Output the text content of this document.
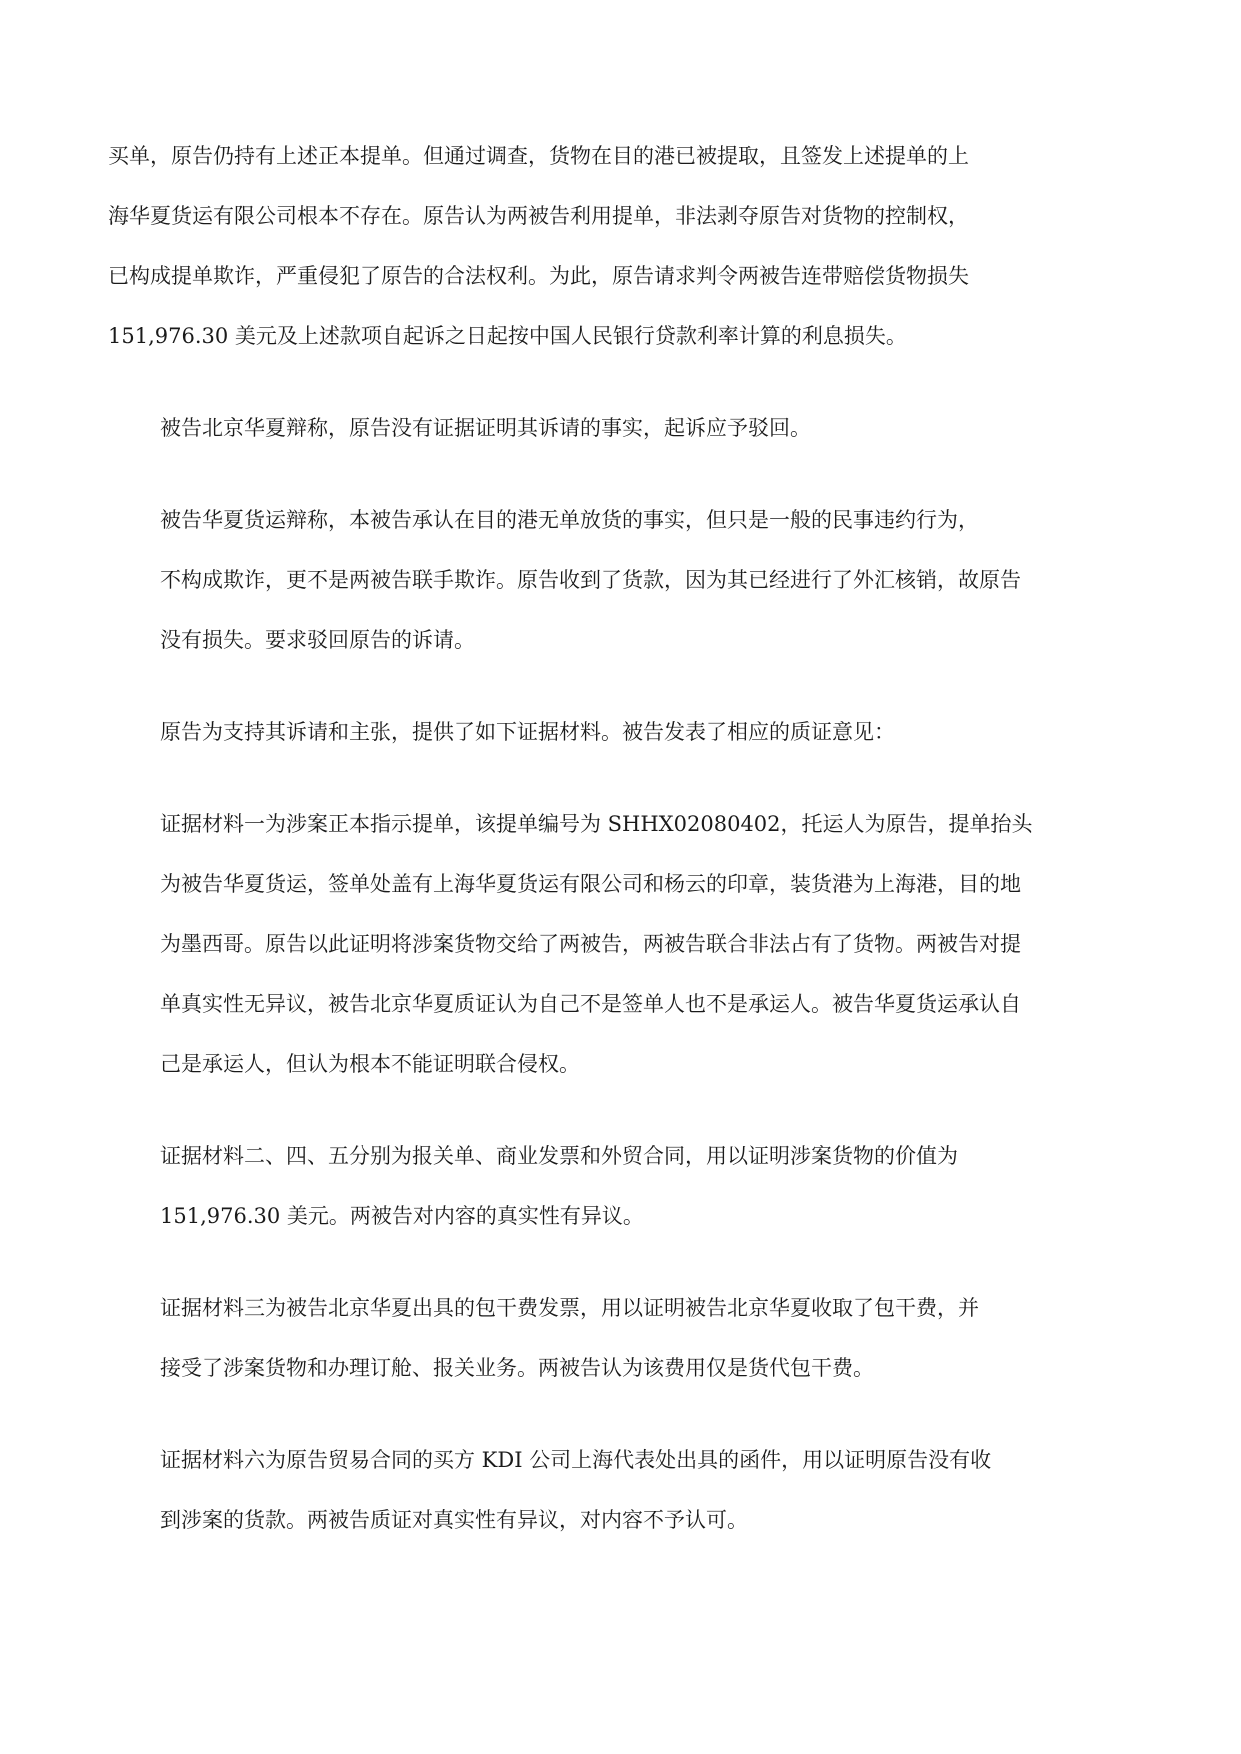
买单，原告仍持有上述正本提单。但通过调查，货物在目的港已被提取，且签发上述提单的上
海华夏货运有限公司根本不存在。原告认为两被告利用提单，非法剥夺原告对货物的控制权，
已构成提单欺诈，严重侵犯了原告的合法权利。为此，原告请求判令两被告连带赔偿货物损失
151,976.30 美元及上述款项自起诉之日起按中国人民银行贷款利率计算的利息损失。

被告北京华夏辩称，原告没有证据证明其诉请的事实，起诉应予驳回。

被告华夏货运辩称，本被告承认在目的港无单放货的事实，但只是一般的民事违约行为，
不构成欺诈，更不是两被告联手欺诈。原告收到了货款，因为其已经进行了外汇核销，故原告
没有损失。要求驳回原告的诉请。

原告为支持其诉请和主张，提供了如下证据材料。被告发表了相应的质证意见：

证据材料一为涉案正本指示提单，该提单编号为 SHHX02080402，托运人为原告，提单抬头
为被告华夏货运，签单处盖有上海华夏货运有限公司和杨云的印章，装货港为上海港，目的地
为墨西哥。原告以此证明将涉案货物交给了两被告，两被告联合非法占有了货物。两被告对提
单真实性无异议，被告北京华夏质证认为自己不是签单人也不是承运人。被告华夏货运承认自
己是承运人，但认为根本不能证明联合侵权。

证据材料二、四、五分别为报关单、商业发票和外贸合同，用以证明涉案货物的价值为
151,976.30 美元。两被告对内容的真实性有异议。

证据材料三为被告北京华夏出具的包干费发票，用以证明被告北京华夏收取了包干费，并
接受了涉案货物和办理订舱、报关业务。两被告认为该费用仅是货代包干费。

证据材料六为原告贸易合同的买方 KDI 公司上海代表处出具的函件，用以证明原告没有收
到涉案的货款。两被告质证对真实性有异议，对内容不予认可。
